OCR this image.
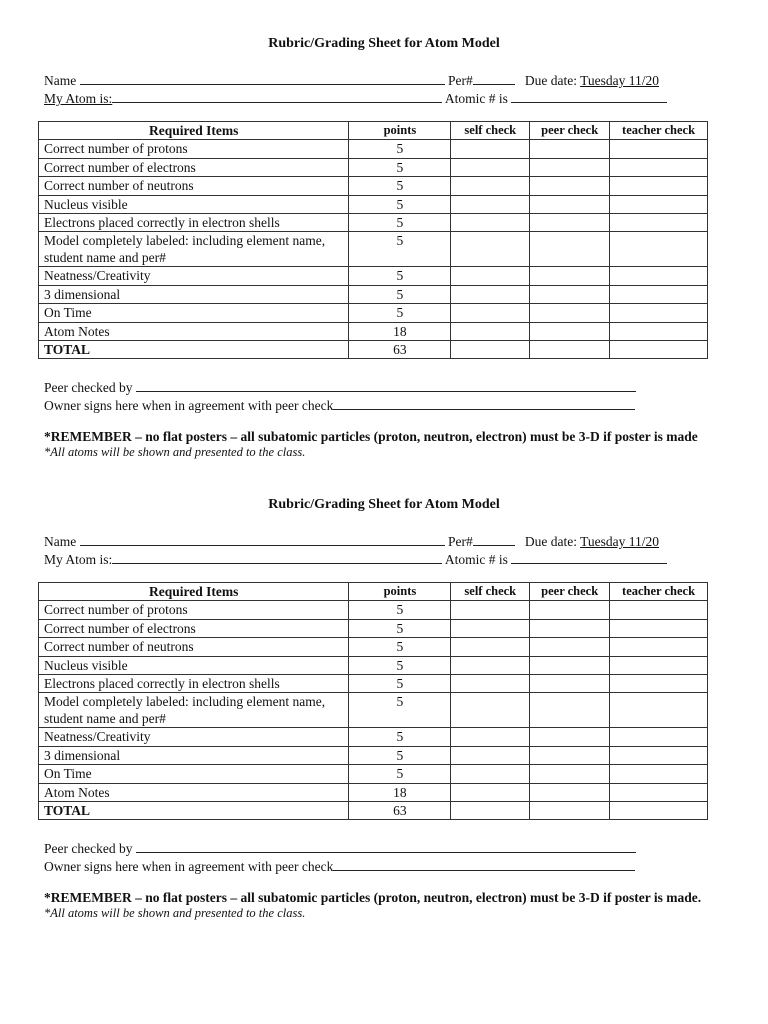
Rubric/Grading Sheet for Atom Model
Name	Per#	Due date: Tuesday 11/20
My Atom is:	Atomic # is
Required Items	points	self check	peer check	teacher check
Correct number of protons	5			
Correct number of electrons	5			
Correct number of neutrons	5			
Nucleus visible	5			
Electrons placed correctly in electron shells	5			
Model completely labeled: including element name, student name and per#	5			
Neatness/Creativity	5			
3 dimensional	5			
On Time	5			
Atom Notes	18			
TOTAL	63			
Peer checked by
Owner signs here when in agreement with peer check
*REMEMBER – no flat posters – all subatomic particles (proton, neutron, electron) must be 3-D if poster is made
*All atoms will be shown and presented to the class.
Rubric/Grading Sheet for Atom Model
Name	Per#	Due date: Tuesday 11/20
My Atom is:	Atomic # is
Required Items	points	self check	peer check	teacher check
Correct number of protons	5			
Correct number of electrons	5			
Correct number of neutrons	5			
Nucleus visible	5			
Electrons placed correctly in electron shells	5			
Model completely labeled: including element name, student name and per#	5			
Neatness/Creativity	5			
3 dimensional	5			
On Time	5			
Atom Notes	18			
TOTAL	63			
Peer checked by
Owner signs here when in agreement with peer check
*REMEMBER – no flat posters – all subatomic particles (proton, neutron, electron) must be 3-D if poster is made.
*All atoms will be shown and presented to the class.
